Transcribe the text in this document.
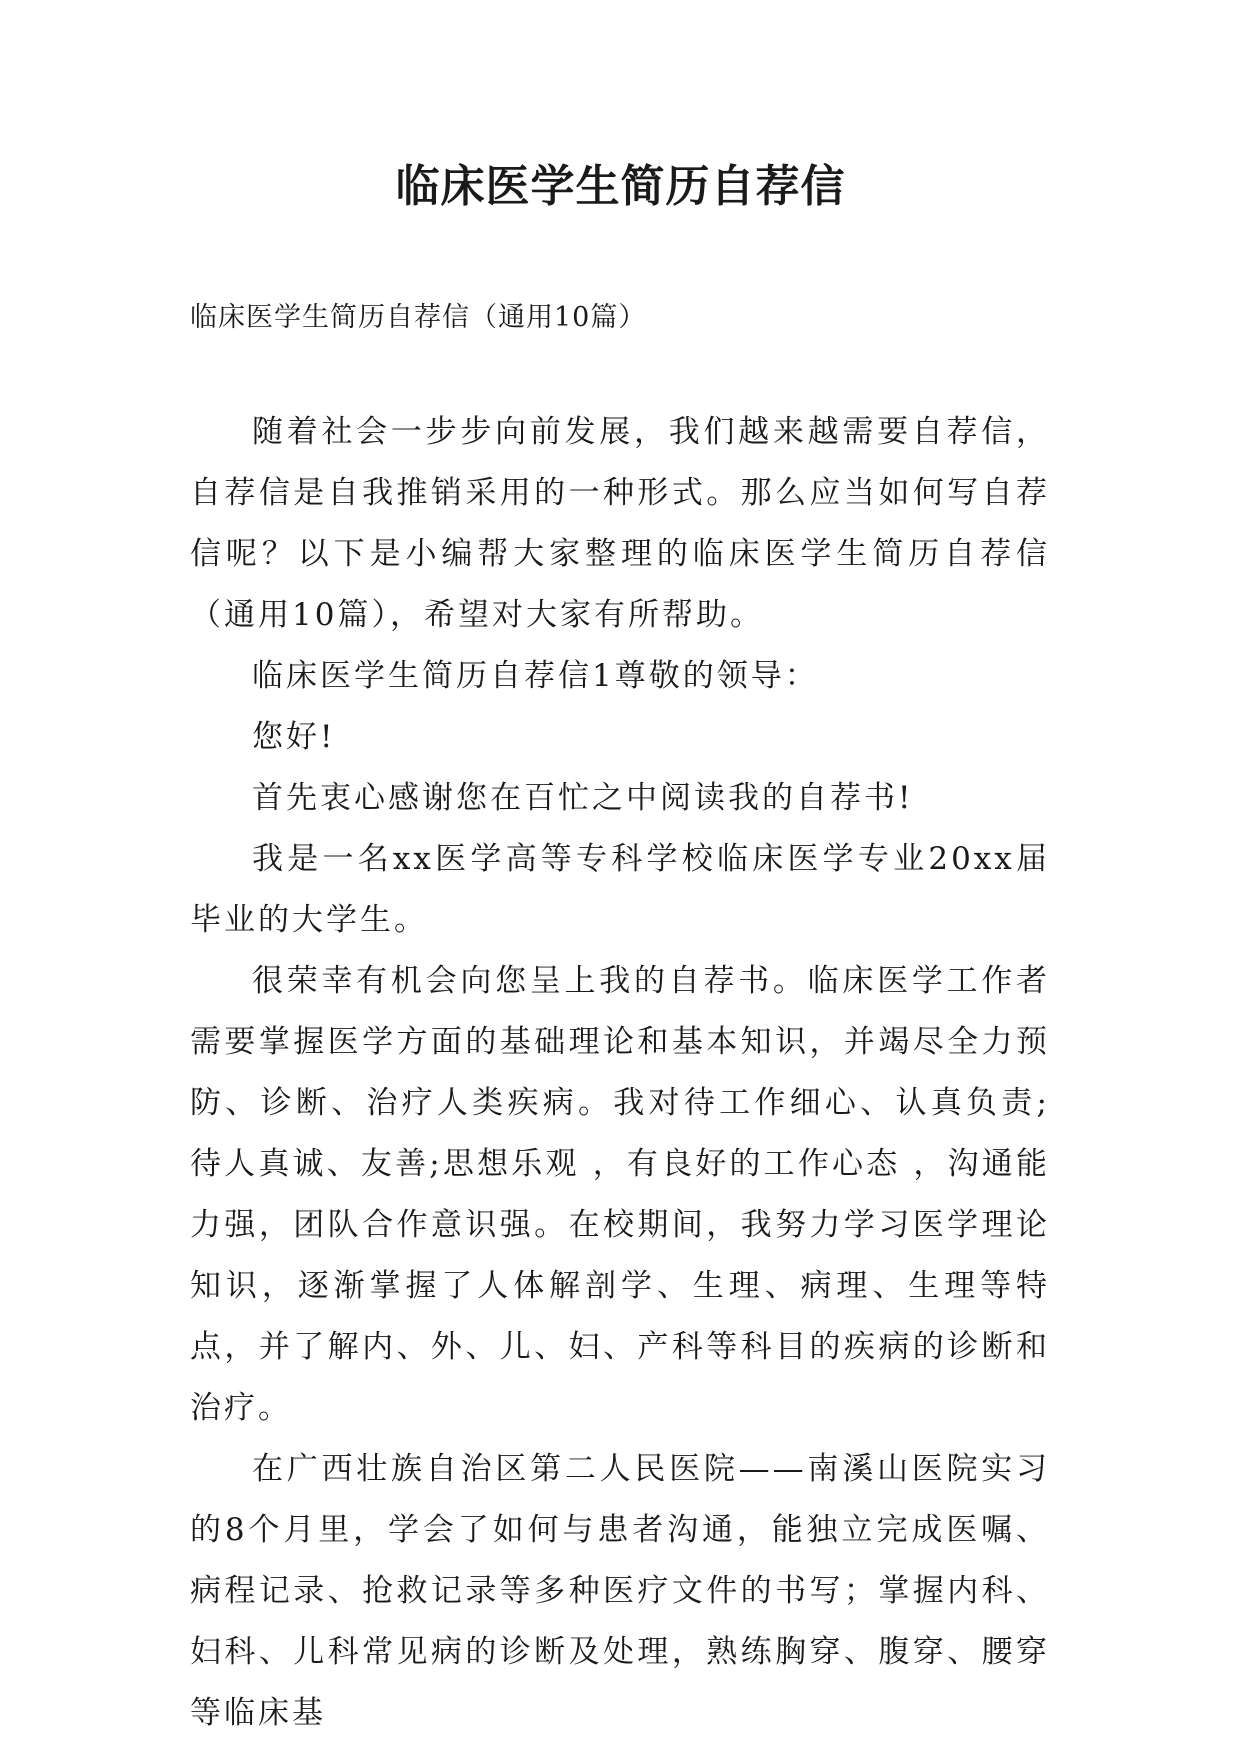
临床医学生简历自荐信

临床医学生简历自荐信（通用10篇）

随着社会一步步向前发展，我们越来越需要自荐信，自荐信是自我推销采用的一种形式。那么应当如何写自荐信呢？以下是小编帮大家整理的临床医学生简历自荐信（通用10篇），希望对大家有所帮助。

临床医学生简历自荐信1尊敬的领导：

您好!

首先衷心感谢您在百忙之中阅读我的自荐书!

我是一名xx医学高等专科学校临床医学专业20xx届毕业的大学生。

很荣幸有机会向您呈上我的自荐书。临床医学工作者需要掌握医学方面的基础理论和基本知识，并竭尽全力预防、诊断、治疗人类疾病。我对待工作细心、认真负责;待人真诚、友善;思想乐观 ，有良好的工作心态 ，沟通能力强，团队合作意识强。在校期间，我努力学习医学理论知识，逐渐掌握了人体解剖学、生理、病理、生理等特点，并了解内、外、儿、妇、产科等科目的疾病的诊断和治疗。

在广西壮族自治区第二人民医院——南溪山医院实习的8个月里，学会了如何与患者沟通，能独立完成医嘱、病程记录、抢救记录等多种医疗文件的书写；掌握内科、妇科、儿科常见病的诊断及处理，熟练胸穿、腹穿、腰穿等临床基
